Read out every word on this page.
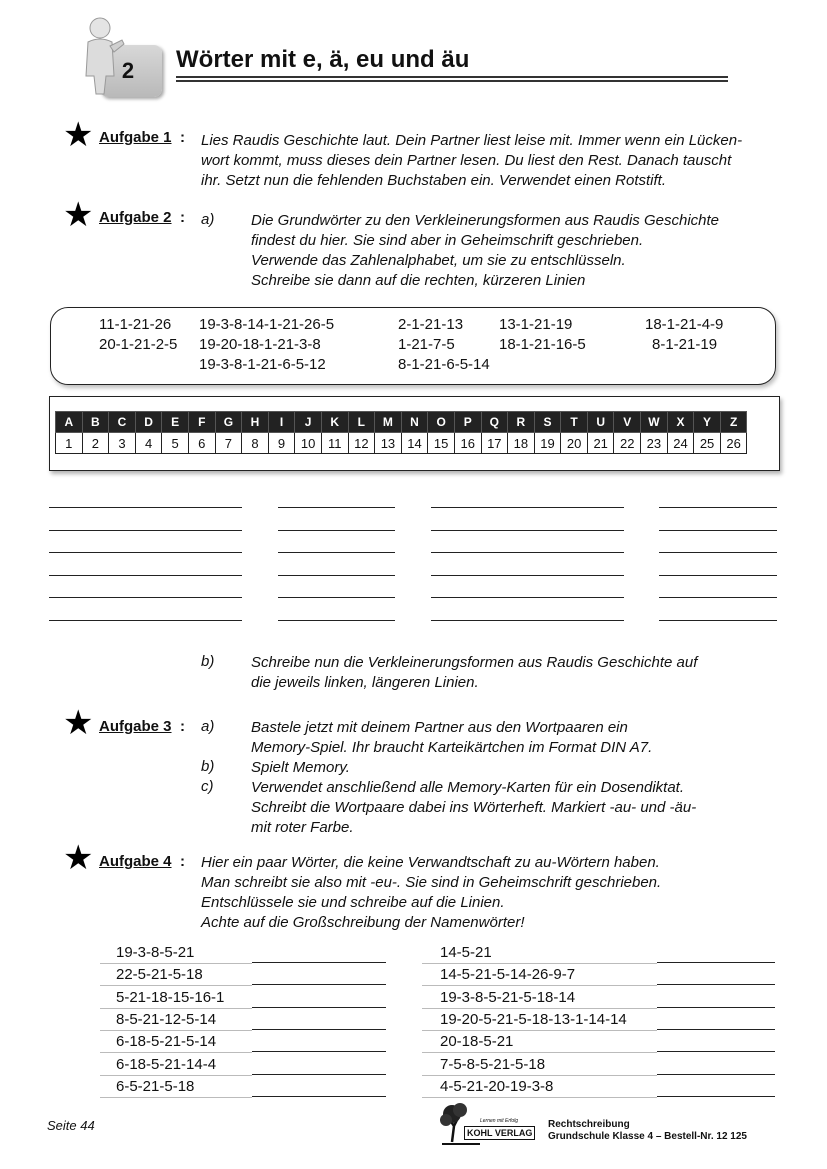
2	Wörter mit e, ä, eu und äu
★ Aufgabe 1 : Lies Raudis Geschichte laut. Dein Partner liest leise mit. Immer wenn ein Lücken-
wort kommt, muss dieses dein Partner lesen. Du liest den Rest. Danach tauscht
ihr. Setzt nun die fehlenden Buchstaben ein. Verwendet einen Rotstift.
★ Aufgabe 2 : a) Die Grundwörter zu den Verkleinerungsformen aus Raudis Geschichte
findest du hier. Sie sind aber in Geheimschrift geschrieben.
Verwende das Zahlenalphabet, um sie zu entschlüsseln.
Schreibe sie dann auf die rechten, kürzeren Linien
11-1-21-26 19-3-8-14-1-21-26-5	2-1-21-13 13-1-21-19	18-1-21-4-9
20-1-21-2-5 19-20-18-1-21-3-8	1-21-7-5	18-1-21-16-5	8-1-21-19
19-3-8-1-21-6-5-12	8-1-21-6-5-14
A	B	C	D	E	F	G	H	I	J	K	L	M	N	O	P	Q	R	S	T	U	V	W	X	Y	Z
1	2	3	4	5	6	7	8	9	10	11	12	13	14	15	16	17	18	19	20	21	22	23	24	25	26
b) Schreibe nun die Verkleinerungsformen aus Raudis Geschichte auf
die jeweils linken, längeren Linien.
★ Aufgabe 3 : a) Bastele jetzt mit deinem Partner aus den Wortpaaren ein
Memory-Spiel. Ihr braucht Karteikärtchen im Format DIN A7.
b) Spielt Memory.
c)	Verwendet anschließend alle Memory-Karten für ein Dosendiktat.
Schreibt die Wortpaare dabei ins Wörterheft. Markiert -au- und -äu-
mit roter Farbe.
★ Aufgabe 4 : Hier ein paar Wörter, die keine Verwandtschaft zu au-Wörtern haben.
Man schreibt sie also mit -eu-. Sie sind in Geheimschrift geschrieben.
Entschlüssele sie und schreibe auf die Linien.
Achte auf die Großschreibung der Namenwörter!
19-3-8-5-21
22-5-21-5-18
5-21-18-15-16-1
8-5-21-12-5-14
6-18-5-21-5-14
6-18-5-21-14-4
6-5-21-5-18
14-5-21
14-5-21-5-14-26-9-7
19-3-8-5-21-5-18-14
19-20-5-21-5-18-13-1-14-14
20-18-5-21
7-5-8-5-21-5-18
4-5-21-20-19-3-8
Seite 44	Lernen mit Erfolg
KOHL VERLAG
Rechtschreibung
Grundschule Klasse 4 – Bestell-Nr. 12 125
